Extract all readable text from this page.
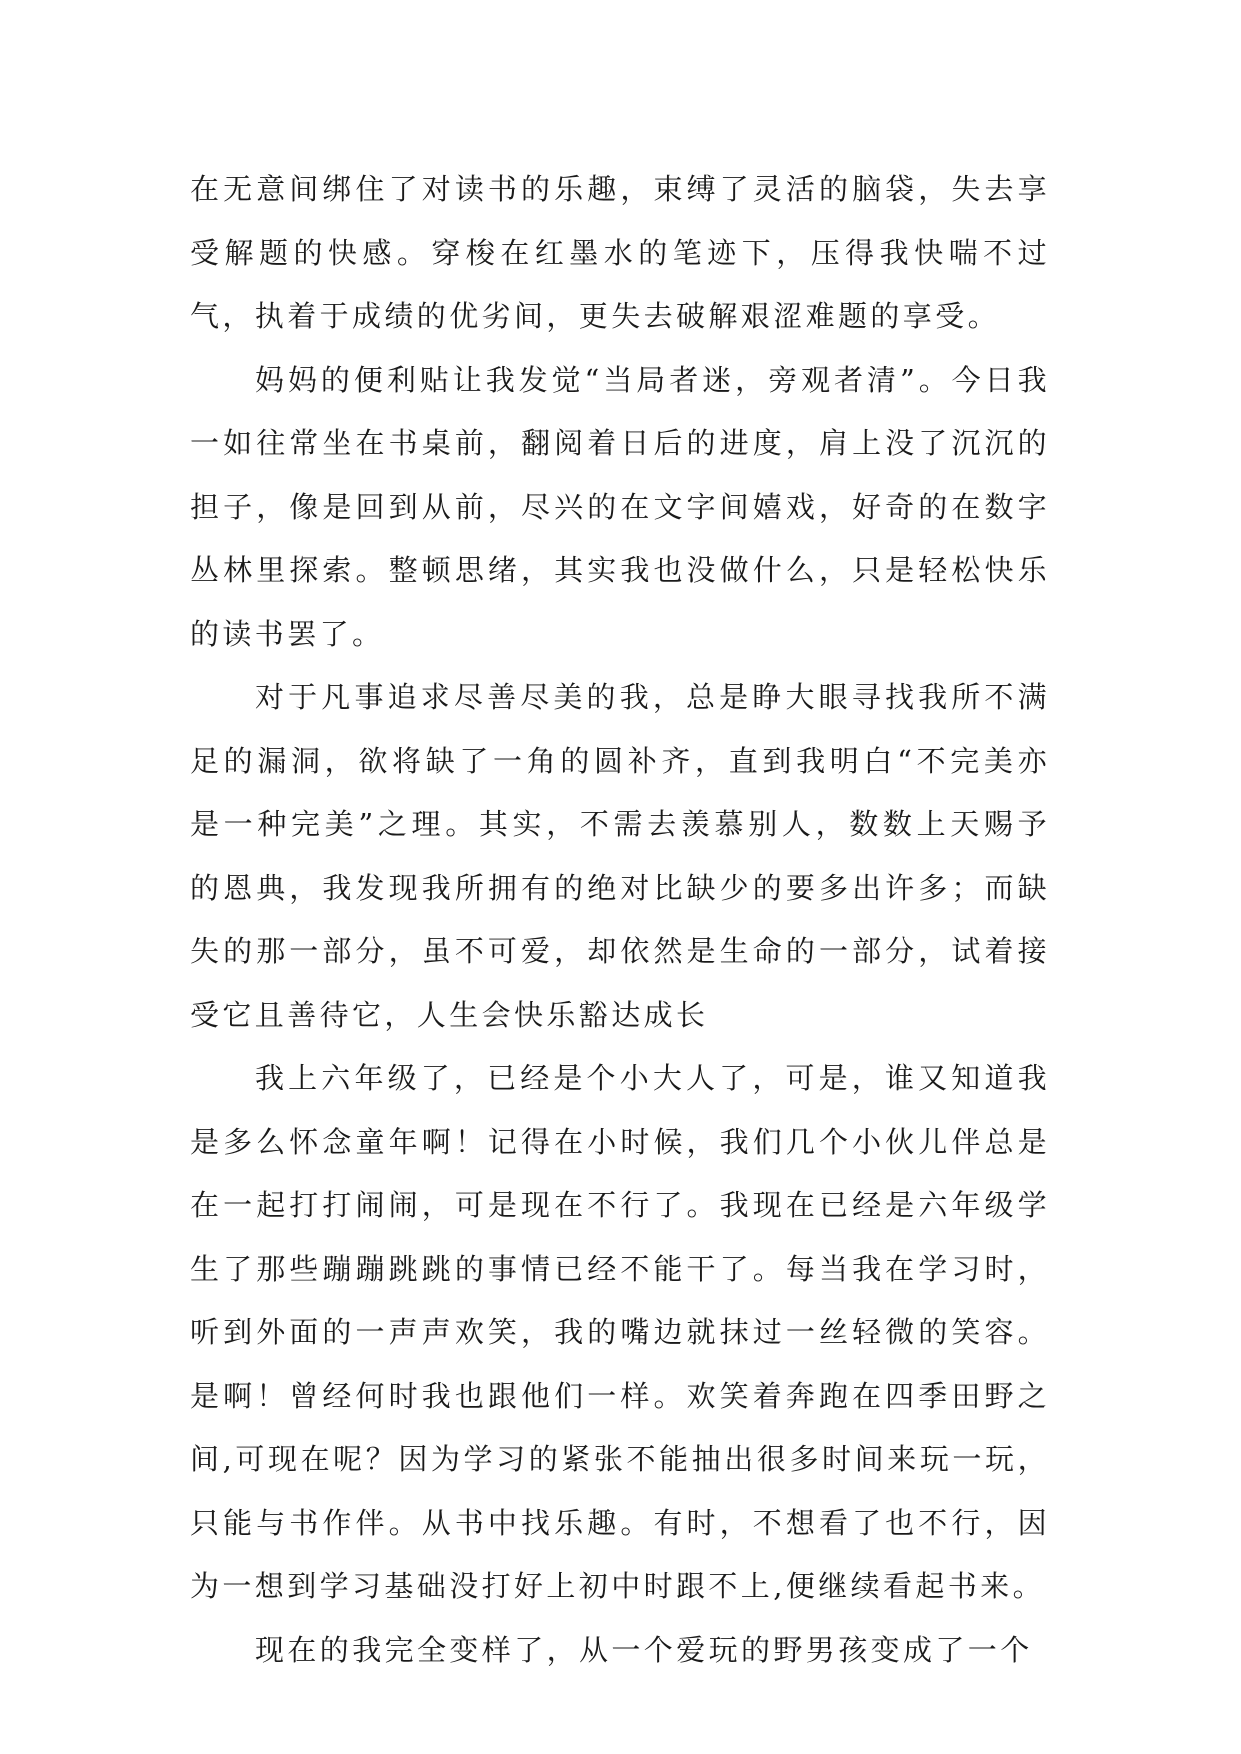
在无意间绑住了对读书的乐趣，束缚了灵活的脑袋，失去享受解题的快感。穿梭在红墨水的笔迹下，压得我快喘不过气，执着于成绩的优劣间，更失去破解艰涩难题的享受。

妈妈的便利贴让我发觉“当局者迷，旁观者清”。今日我一如往常坐在书桌前，翻阅着日后的进度，肩上没了沉沉的担子，像是回到从前，尽兴的在文字间嬉戏，好奇的在数字丛林里探索。整顿思绪，其实我也没做什么，只是轻松快乐的读书罢了。

对于凡事追求尽善尽美的我，总是睁大眼寻找我所不满足的漏洞，欲将缺了一角的圆补齐，直到我明白“不完美亦是一种完美”之理。其实，不需去羡慕别人，数数上天赐予的恩典，我发现我所拥有的绝对比缺少的要多出许多；而缺失的那一部分，虽不可爱，却依然是生命的一部分，试着接受它且善待它，人生会快乐豁达成长

我上六年级了，已经是个小大人了，可是，谁又知道我是多么怀念童年啊！记得在小时候，我们几个小伙儿伴总是在一起打打闹闹，可是现在不行了。我现在已经是六年级学生了那些蹦蹦跳跳的事情已经不能干了。每当我在学习时，听到外面的一声声欢笑，我的嘴边就抹过一丝轻微的笑容。是啊！曾经何时我也跟他们一样。欢笑着奔跑在四季田野之间,可现在呢？因为学习的紧张不能抽出很多时间来玩一玩，只能与书作伴。从书中找乐趣。有时，不想看了也不行，因为一想到学习基础没打好上初中时跟不上,便继续看起书来。

现在的我完全变样了，从一个爱玩的野男孩变成了一个
